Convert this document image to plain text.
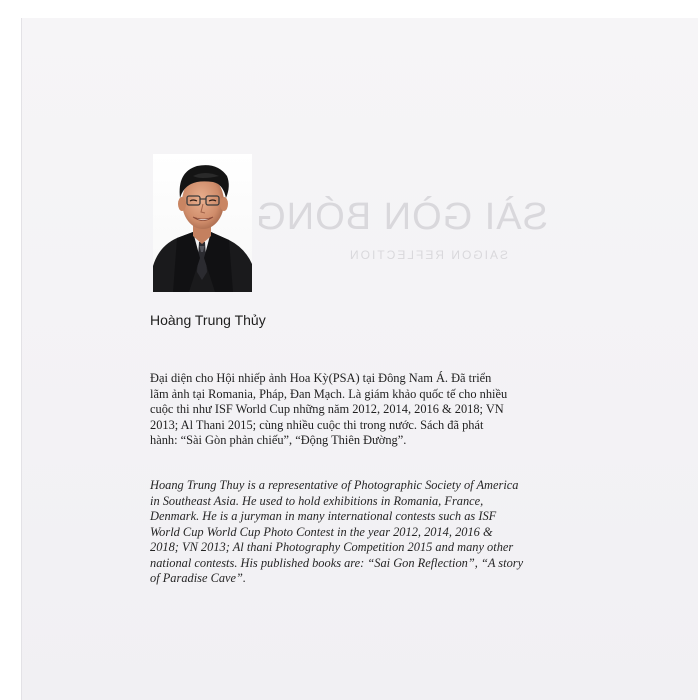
SÀI GÒN BÓNG
SAIGON REFLECTION
Hoàng Trung Thủy
Đại diện cho Hội nhiếp ảnh Hoa Kỳ(PSA) tại Đông Nam Á. Đã triển
lãm ảnh tại Romania, Pháp, Đan Mạch. Là giám khảo quốc tế cho nhiều
cuộc thi như ISF World Cup những năm 2012, 2014, 2016 & 2018; VN
2013; Al Thani 2015; cùng nhiều cuộc thi trong nước. Sách đã phát
hành: “Sài Gòn phản chiếu”, “Động Thiên Đường”.
Hoang Trung Thuy is a representative of Photographic Society of America
in Southeast Asia. He used to hold exhibitions in Romania, France,
Denmark. He is a juryman in many international contests such as ISF
World Cup World Cup Photo Contest in the year 2012, 2014, 2016 &
2018; VN 2013; Al thani Photography Competition 2015 and many other
national contests. His published books are: “Sai Gon Reflection”, “A story
of Paradise Cave”.
